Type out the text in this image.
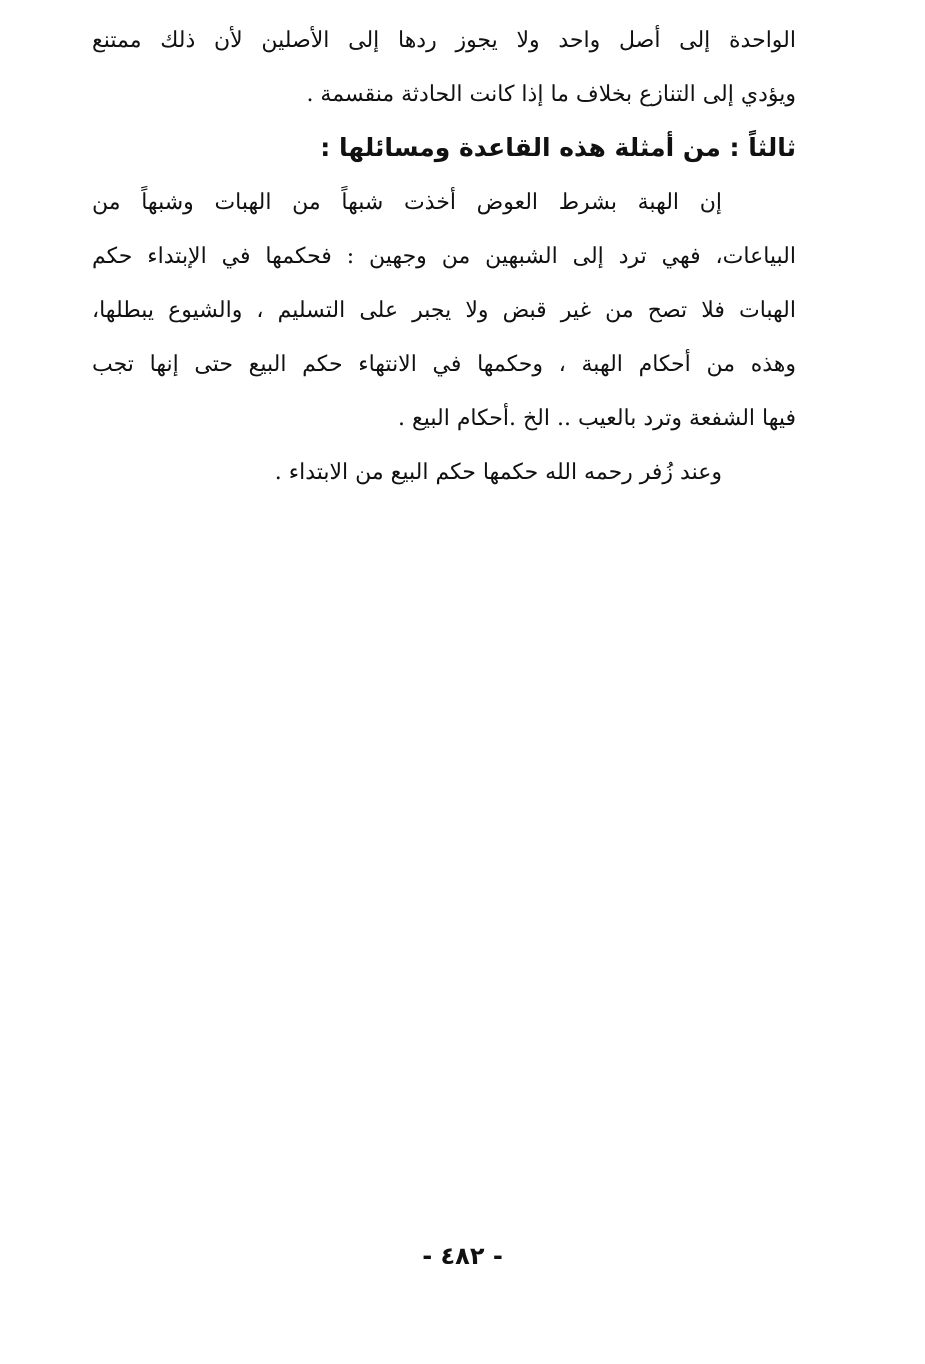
الواحدة إلى أصل واحد ولا يجوز ردها إلى الأصلين لأن ذلك ممتنع
ويؤدي إلى التنازع بخلاف ما إذا كانت الحادثة منقسمة .
ثالثاً : من أمثلة هذه القاعدة ومسائلها :
إن الهبة بشرط العوض أخذت شبهاً من الهبات وشبهاً من
البياعات، فهي ترد إلى الشبهين من وجهين : فحكمها في الإبتداء حكم
الهبات فلا تصح من غير قبض ولا يجبر على التسليم ، والشيوع يبطلها،
وهذه من أحكام الهبة ، وحكمها في الانتهاء حكم البيع حتى إنها تجب
فيها الشفعة وترد بالعيب .. الخ .أحكام البيع .
وعند زُفر رحمه الله حكمها حكم البيع من الابتداء .
- ٤٨٢ -
